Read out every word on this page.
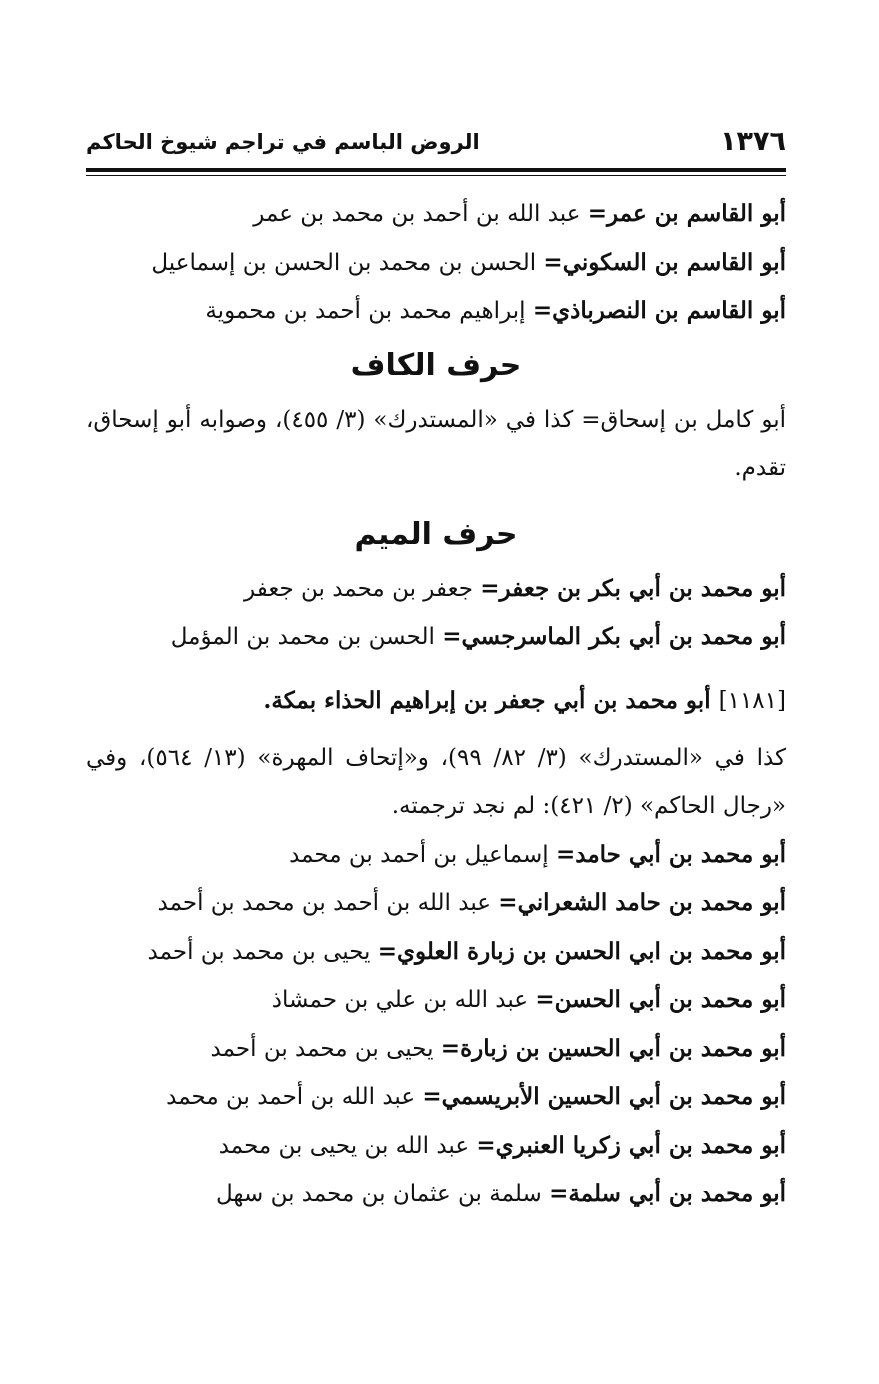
١٣٧٦
الروض الباسم في تراجم شيوخ الحاكم
أبو القاسم بن عمر= عبد الله بن أحمد بن محمد بن عمر
أبو القاسم بن السكوني= الحسن بن محمد بن الحسن بن إسماعيل
أبو القاسم بن النصرباذي= إبراهيم محمد بن أحمد بن محموية
حرف الكاف
أبو كامل بن إسحاق= كذا في «المستدرك» (٣/ ٤٥٥)، وصوابه أبو إسحاق، تقدم.
حرف الميم
أبو محمد بن أبي بكر بن جعفر= جعفر بن محمد بن جعفر
أبو محمد بن أبي بكر الماسرجسي= الحسن بن محمد بن المؤمل
[١١٨١] أبو محمد بن أبي جعفر بن إبراهيم الحذاء بمكة.
كذا في «المستدرك» (٣/ ٨٢/ ٩٩)، و«إتحاف المهرة» (١٣/ ٥٦٤)، وفي «رجال الحاكم» (٢/ ٤٢١): لم نجد ترجمته.
أبو محمد بن أبي حامد= إسماعيل بن أحمد بن محمد
أبو محمد بن حامد الشعراني= عبد الله بن أحمد بن محمد بن أحمد
أبو محمد بن ابي الحسن بن زبارة العلوي= يحيى بن محمد بن أحمد
أبو محمد بن أبي الحسن= عبد الله بن علي بن حمشاذ
أبو محمد بن أبي الحسين بن زبارة= يحيى بن محمد بن أحمد
أبو محمد بن أبي الحسين الأبريسمي= عبد الله بن أحمد بن محمد
أبو محمد بن أبي زكريا العنبري= عبد الله بن يحيى بن محمد
أبو محمد بن أبي سلمة= سلمة بن عثمان بن محمد بن سهل
